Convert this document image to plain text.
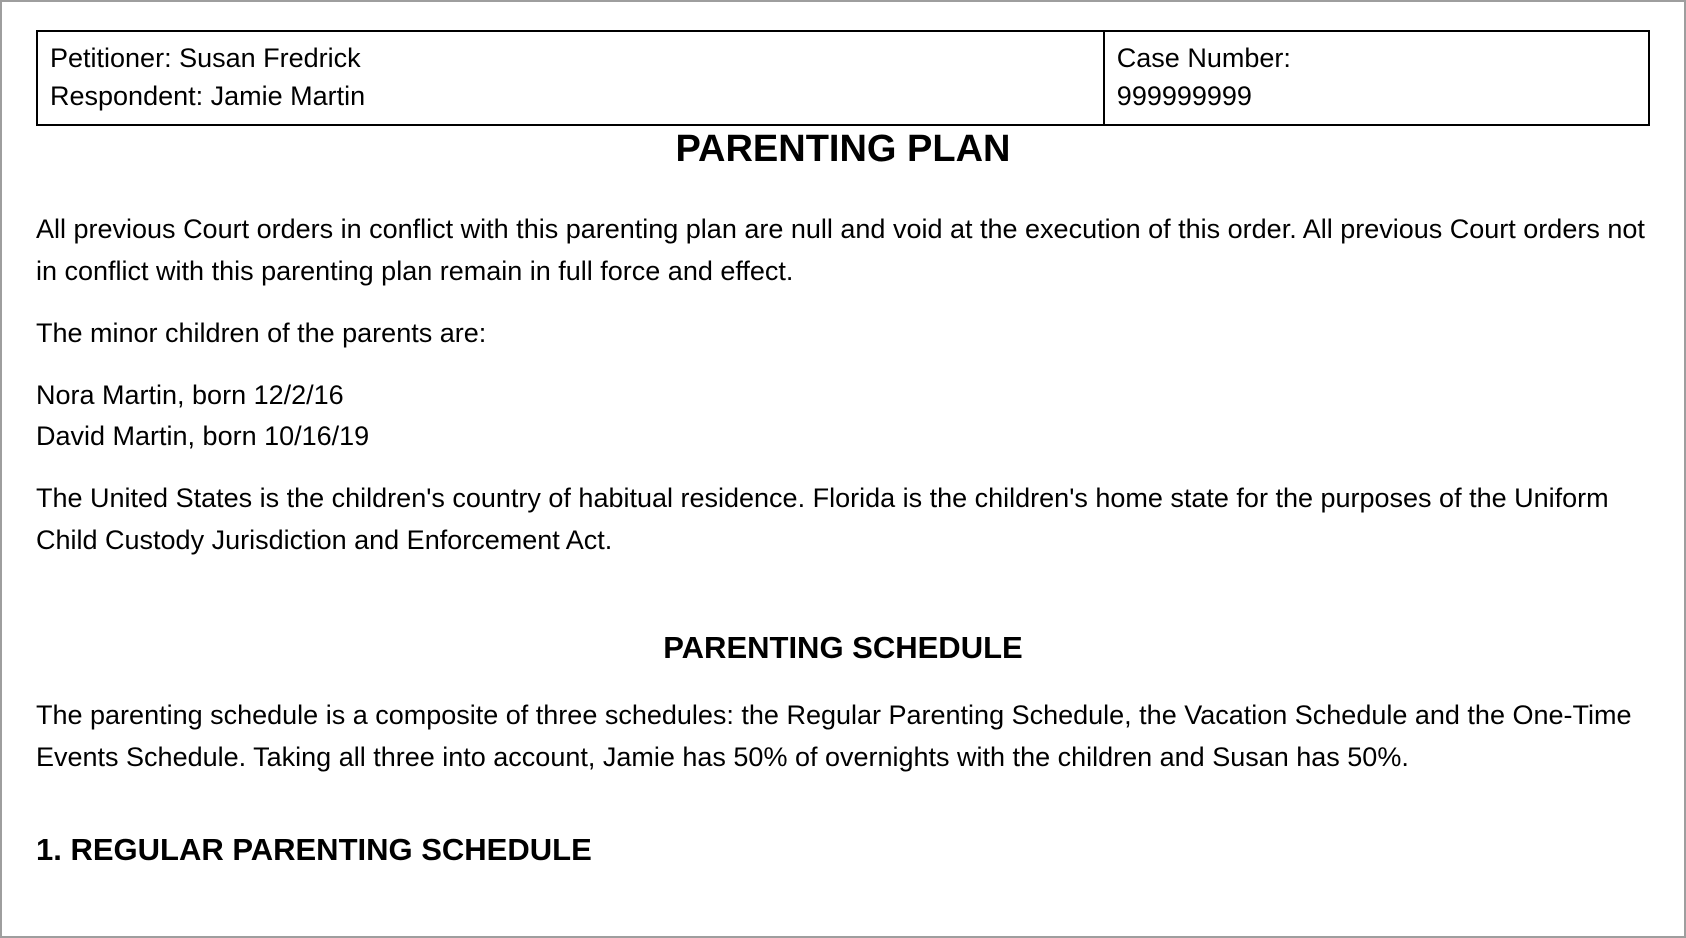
Petitioner: Susan Fredrick
Respondent: Jamie Martin

Case Number:
999999999
PARENTING PLAN

All previous Court orders in conflict with this parenting plan are null and void at the execution of this order. All previous Court orders not in conflict with this parenting plan remain in full force and effect.

The minor children of the parents are:

Nora Martin, born 12/2/16
David Martin, born 10/16/19

The United States is the children's country of habitual residence. Florida is the children's home state for the purposes of the Uniform Child Custody Jurisdiction and Enforcement Act.

PARENTING SCHEDULE

The parenting schedule is a composite of three schedules: the Regular Parenting Schedule, the Vacation Schedule and the One-Time Events Schedule. Taking all three into account, Jamie has 50% of overnights with the children and Susan has 50%.

1. REGULAR PARENTING SCHEDULE
